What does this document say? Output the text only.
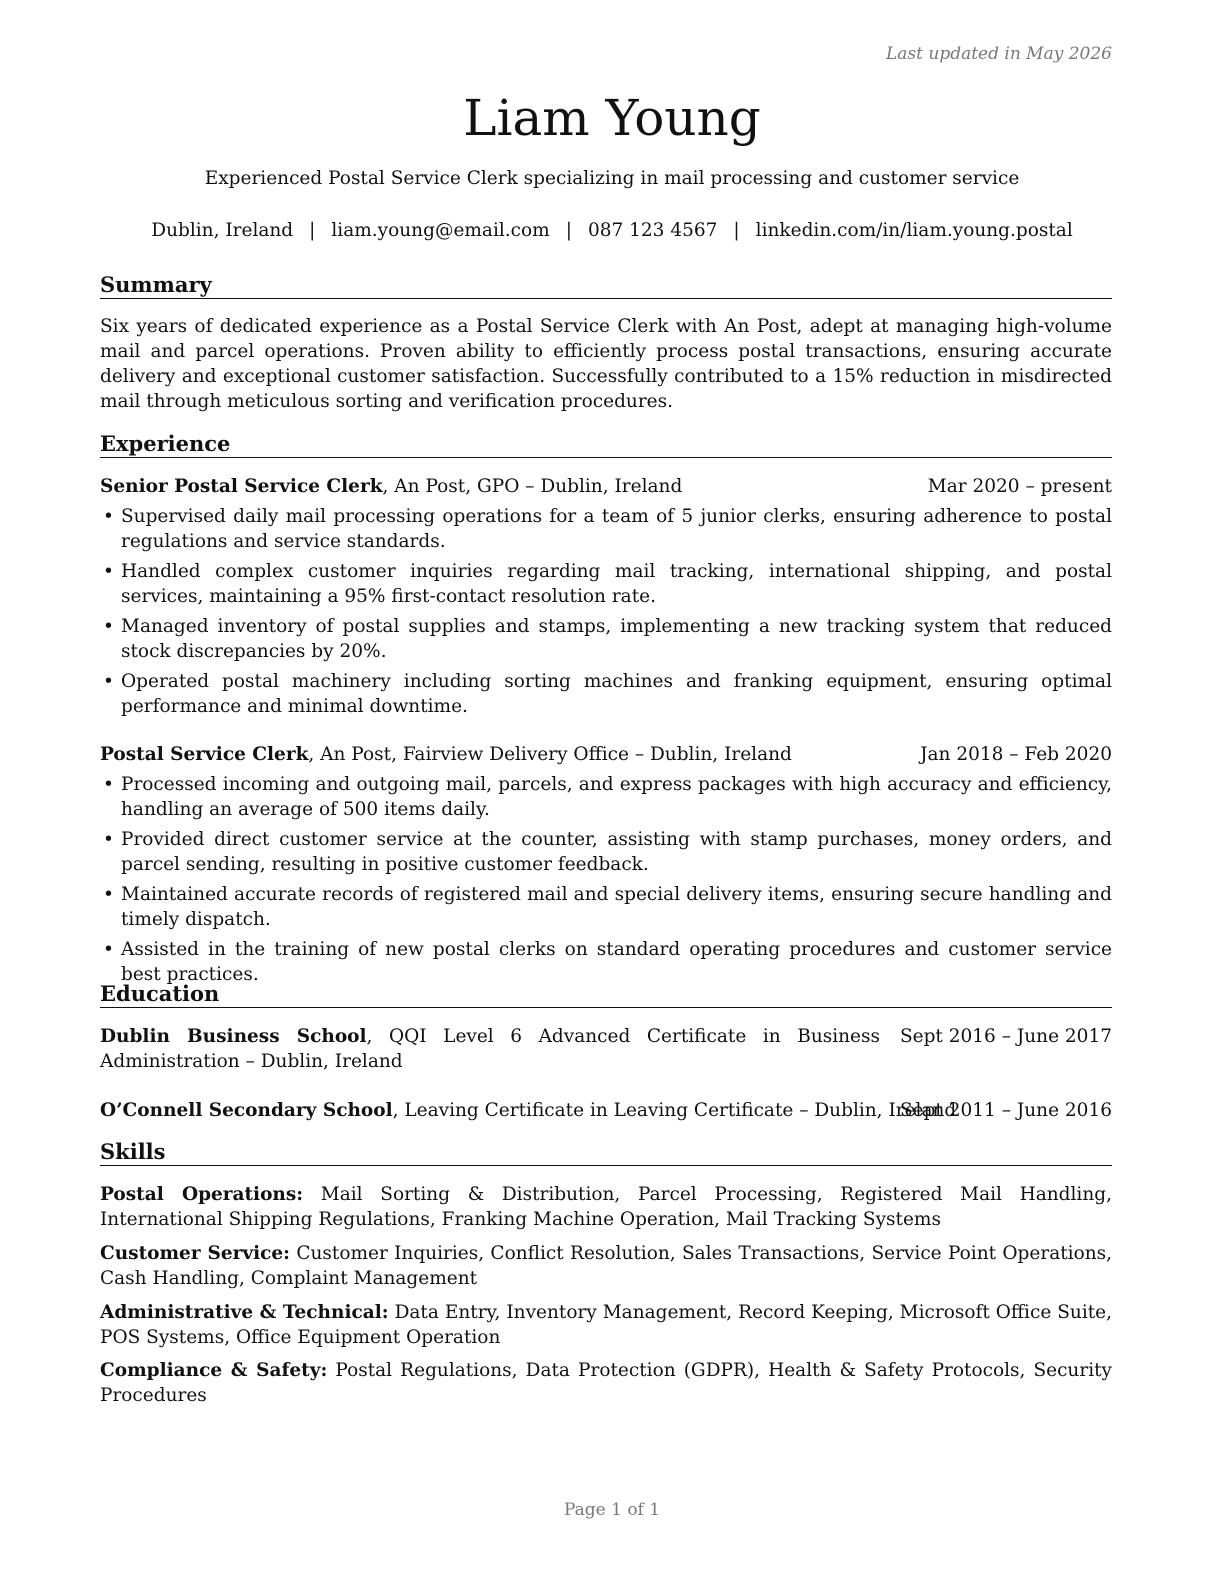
Last updated in May 2026
Liam Young
Experienced Postal Service Clerk specializing in mail processing and customer service
Dublin, Ireland | liam.young@email.com | 087 123 4567 | linkedin.com/in/liam.young.postal
Summary
Six years of dedicated experience as a Postal Service Clerk with An Post, adept at managing high-volume mail and parcel operations. Proven ability to efficiently process postal transactions, ensuring accurate delivery and exceptional customer satisfaction. Successfully contributed to a 15% reduction in misdirected mail through meticulous sorting and verification procedures.
Experience
Senior Postal Service Clerk, An Post, GPO – Dublin, Ireland	Mar 2020 – present
• Supervised daily mail processing operations for a team of 5 junior clerks, ensuring adherence to postal regulations and service standards.
• Handled complex customer inquiries regarding mail tracking, international shipping, and postal services, maintaining a 95% first-contact resolution rate.
• Managed inventory of postal supplies and stamps, implementing a new tracking system that reduced stock discrepancies by 20%.
• Operated postal machinery including sorting machines and franking equipment, ensuring optimal performance and minimal downtime.
Postal Service Clerk, An Post, Fairview Delivery Office – Dublin, Ireland	Jan 2018 – Feb 2020
• Processed incoming and outgoing mail, parcels, and express packages with high accuracy and efficiency, handling an average of 500 items daily.
• Provided direct customer service at the counter, assisting with stamp purchases, money orders, and parcel sending, resulting in positive customer feedback.
• Maintained accurate records of registered mail and special delivery items, ensuring secure handling and timely dispatch.
• Assisted in the training of new postal clerks on standard operating procedures and customer service best practices.
Education
Dublin Business School, QQI Level 6 Advanced Certificate in Business Administration – Dublin, Ireland
Sept 2016 – June 2017
O’Connell Secondary School, Leaving Certificate in Leaving Certificate – Dublin, Ireland
Sept 2011 – June 2016
Skills
Postal Operations: Mail Sorting & Distribution, Parcel Processing, Registered Mail Handling, International Shipping Regulations, Franking Machine Operation, Mail Tracking Systems
Customer Service: Customer Inquiries, Conflict Resolution, Sales Transactions, Service Point Operations, Cash Handling, Complaint Management
Administrative & Technical: Data Entry, Inventory Management, Record Keeping, Microsoft Office Suite, POS Systems, Office Equipment Operation
Compliance & Safety: Postal Regulations, Data Protection (GDPR), Health & Safety Protocols, Security Procedures
Page 1 of 1
